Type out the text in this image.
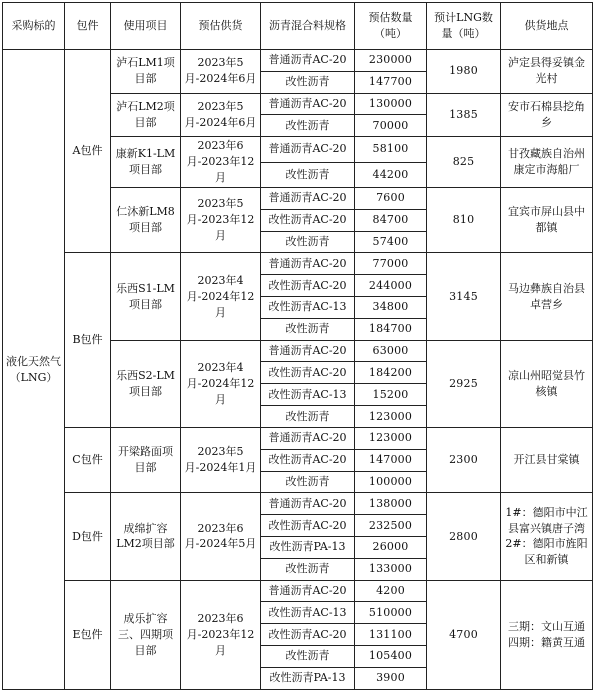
采购标的	包件	使用项目	预估供货	沥青混合料规格	预估数量（吨）	预计LNG数量（吨）	供货地点
液化天然气（LNG）	A包件	泸石LM1项目部	2023年5月-2024年6月	普通沥青AC-20	230000	1980	泸定县得妥镇金光村
				改性沥青	147700		
		泸石LM2项目部	2023年5月-2024年6月	普通沥青AC-20	130000	1385	安市石棉县挖角乡
				改性沥青	70000		
		康新K1-LM项目部	2023年6月-2023年12月	普通沥青AC-20	58100	825	甘孜藏族自治州康定市海船厂
				改性沥青	44200		
		仁沐新LM8项目部	2023年5月-2023年12月	普通沥青AC-20	7600	810	宜宾市屏山县中都镇
				改性沥青AC-20	84700		
				改性沥青	57400		
	B包件	乐西S1-LM项目部	2023年4月-2024年12月	普通沥青AC-20	77000	3145	马边彝族自治县卓营乡
				改性沥青AC-20	244000		
				改性沥青AC-13	34800		
				改性沥青	184700		
		乐西S2-LM项目部	2023年4月-2024年12月	普通沥青AC-20	63000	2925	凉山州昭觉县竹核镇
				改性沥青AC-20	184200		
				改性沥青AC-13	15200		
				改性沥青	123000		
	C包件	开梁路面项目部	2023年5月-2024年1月	普通沥青AC-20	123000	2300	开江县甘棠镇
				改性沥青AC-20	147000		
				改性沥青	100000		
	D包件	成绵扩容LM2项目部	2023年6月-2024年5月	普通沥青AC-20	138000	2800	1#：德阳市中江县富兴镇唐子湾
2#：德阳市旌阳区和新镇

				改性沥青AC-20	232500		
				改性沥青PA-13	26000		
				改性沥青	133000		
	E包件	成乐扩容三、四期项目部	2023年6月-2023年12月	普通沥青AC-20	4200	4700	三期：文山互通
四期：籍黄互通

				改性沥青AC-13	510000		
				改性沥青AC-20	131100		
				改性沥青	105400		
				改性沥青PA-13	3900		
